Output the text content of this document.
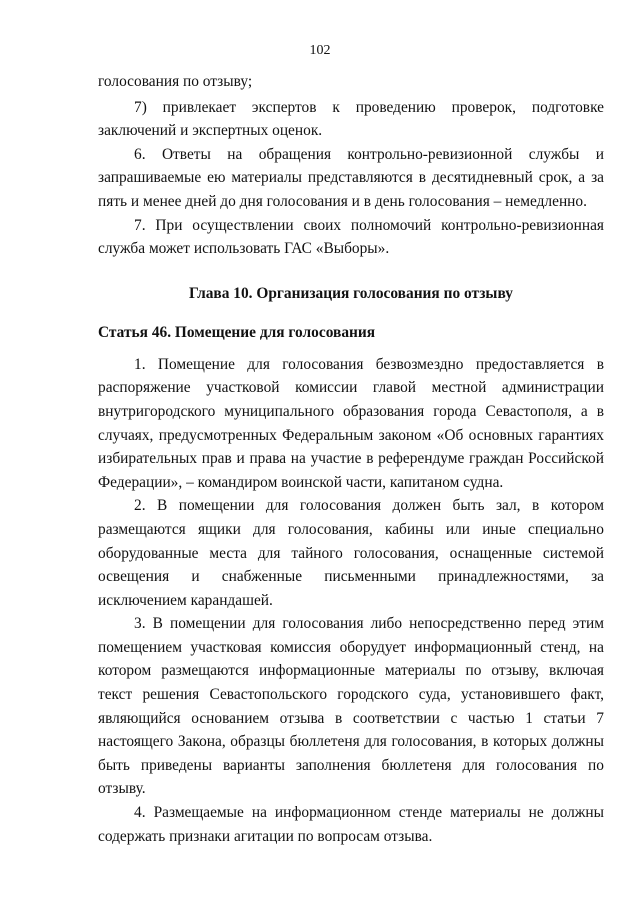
102

голосования по отзыву;

7) привлекает экспертов к проведению проверок, подготовке заключений и экспертных оценок.

6. Ответы на обращения контрольно-ревизионной службы и запрашиваемые ею материалы представляются в десятидневный срок, а за пять и менее дней до дня голосования и в день голосования – немедленно.

7. При осуществлении своих полномочий контрольно-ревизионная служба может использовать ГАС «Выборы».

Глава 10. Организация голосования по отзыву
Статья 46. Помещение для голосования

1. Помещение для голосования безвозмездно предоставляется в распоряжение участковой комиссии главой местной администрации внутригородского муниципального образования города Севастополя, а в случаях, предусмотренных Федеральным законом «Об основных гарантиях избирательных прав и права на участие в референдуме граждан Российской Федерации», – командиром воинской части, капитаном судна.

2. В помещении для голосования должен быть зал, в котором размещаются ящики для голосования, кабины или иные специально оборудованные места для тайного голосования, оснащенные системой освещения и снабженные письменными принадлежностями, за исключением карандашей.

3. В помещении для голосования либо непосредственно перед этим помещением участковая комиссия оборудует информационный стенд, на котором размещаются информационные материалы по отзыву, включая текст решения Севастопольского городского суда, установившего факт, являющийся основанием отзыва в соответствии с частью 1 статьи 7 настоящего Закона, образцы бюллетеня для голосования, в которых должны быть приведены варианты заполнения бюллетеня для голосования по отзыву.

4. Размещаемые на информационном стенде материалы не должны содержать признаки агитации по вопросам отзыва.
